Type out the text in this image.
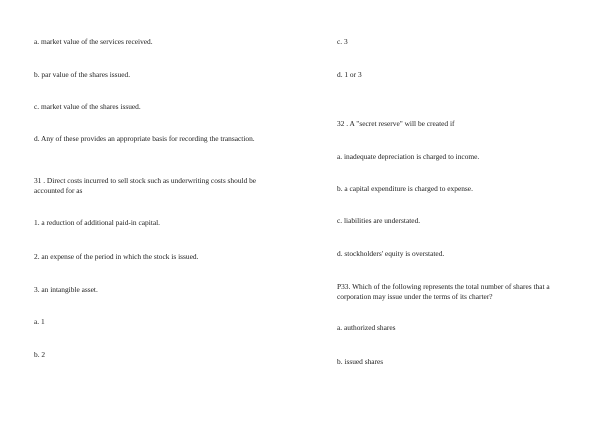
a. market value of the services received.
b. par value of the shares issued.
c. market value of the shares issued.
d. Any of these provides an appropriate basis for recording the transaction.
31 . Direct costs incurred to sell stock such as underwriting costs should be accounted for as
1. a reduction of additional paid-in capital.
2. an expense of the period in which the stock is issued.
3. an intangible asset.
a. 1
b. 2
c. 3
d. 1 or 3
32 . A "secret reserve" will be created if
a. inadequate depreciation is charged to income.
b. a capital expenditure is charged to expense.
c. liabilities are understated.
d. stockholders' equity is overstated.
P33. Which of the following represents the total number of shares that a corporation may issue under the terms of its charter?
a. authorized shares
b. issued shares
